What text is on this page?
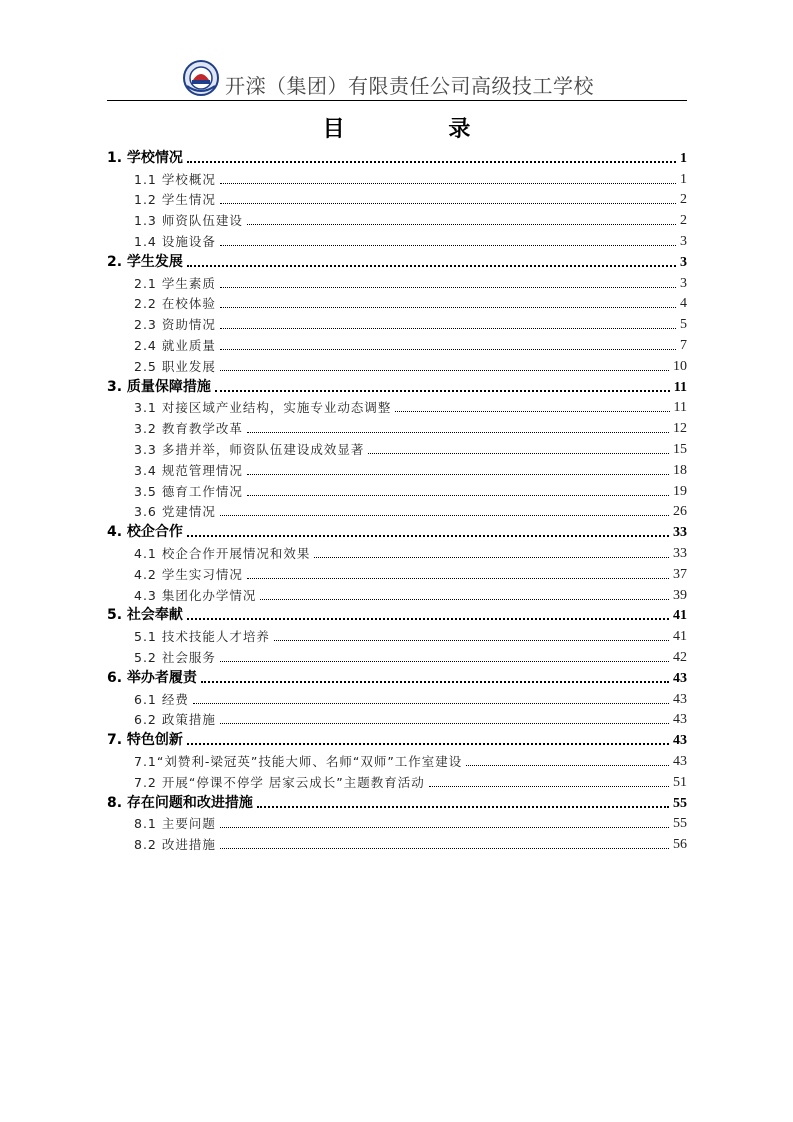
开滦（集团）有限责任公司高级技工学校
目 录
1. 学校情况	1
1.1 学校概况	1
1.2 学生情况	2
1.3 师资队伍建设	2
1.4 设施设备	3
2. 学生发展	3
2.1 学生素质	3
2.2 在校体验	4
2.3 资助情况	5
2.4 就业质量	7
2.5 职业发展	10
3. 质量保障措施	11
3.1 对接区域产业结构，实施专业动态调整	11
3.2 教育教学改革	12
3.3 多措并举，师资队伍建设成效显著	15
3.4 规范管理情况	18
3.5 德育工作情况	19
3.6 党建情况	26
4. 校企合作	33
4.1 校企合作开展情况和效果	33
4.2 学生实习情况	37
4.3 集团化办学情况	39
5. 社会奉献	41
5.1 技术技能人才培养	41
5.2 社会服务	42
6. 举办者履责	43
6.1 经费	43
6.2 政策措施	43
7. 特色创新	43
7.1“刘赞利-梁冠英”技能大师、名师“双师”工作室建设	43
7.2 开展“停课不停学 居家云成长”主题教育活动	51
8. 存在问题和改进措施	55
8.1 主要问题	55
8.2 改进措施	56
